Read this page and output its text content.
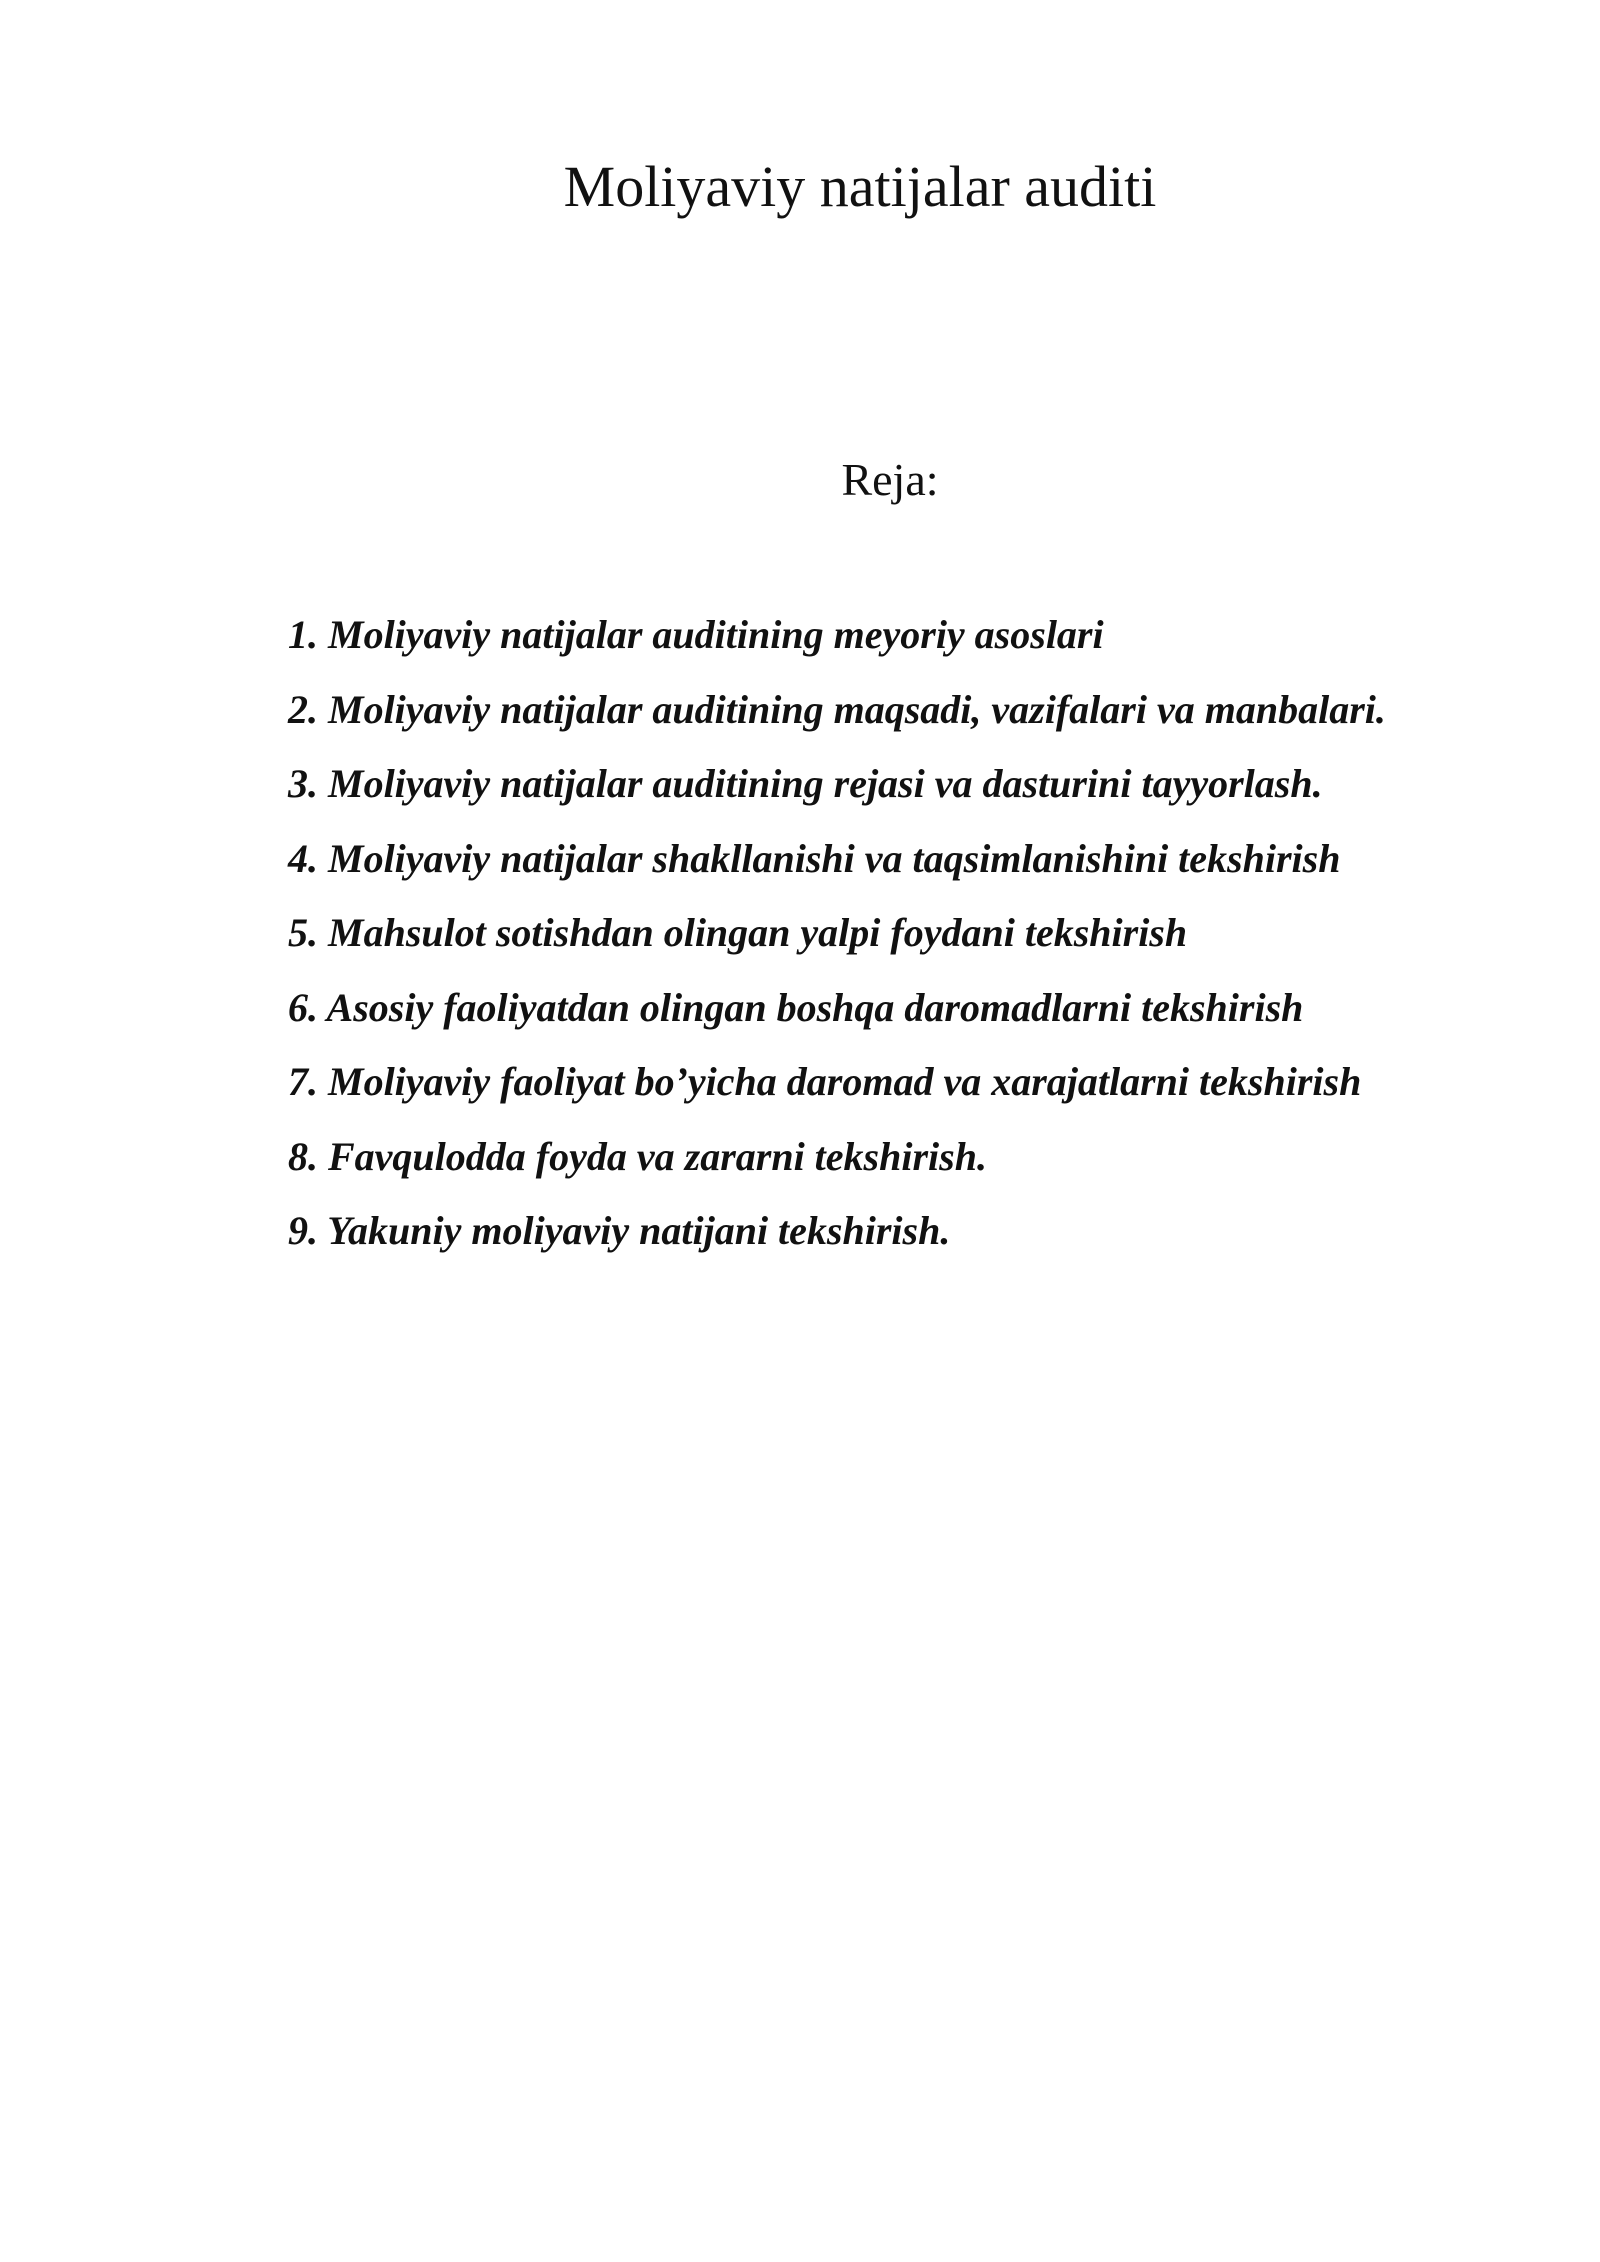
Moliyaviy natijalar auditi
Reja:
1. Moliyaviy natijalar auditining meyoriy asoslari
2. Moliyaviy natijalar auditining maqsadi, vazifalari va manbalari.
3. Moliyaviy natijalar auditining rejasi va dasturini tayyorlash.
4. Moliyaviy natijalar shakllanishi va taqsimlanishini tekshirish
5. Mahsulot sotishdan olingan yalpi foydani tekshirish
6. Asosiy faoliyatdan olingan boshqa daromadlarni tekshirish
7. Moliyaviy faoliyat bo’yicha daromad va xarajatlarni tekshirish
8. Favqulodda foyda va zararni tekshirish.
9. Yakuniy moliyaviy natijani tekshirish.
